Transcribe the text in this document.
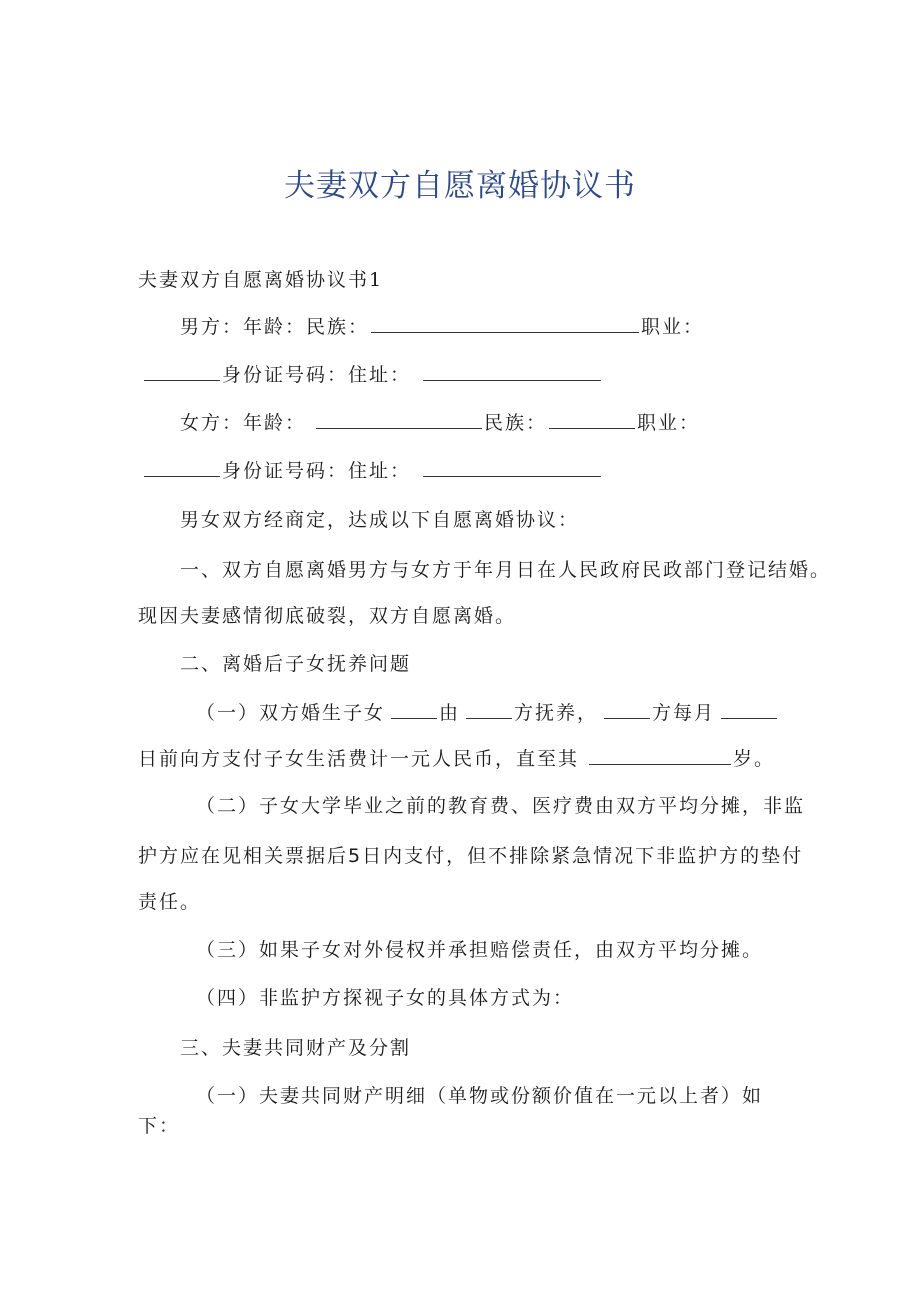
夫妻双方自愿离婚协议书
夫妻双方自愿离婚协议书1
男方：年龄：民族：	职业：
身份证号码：住址：
女方：年龄：	民族：	职业：
身份证号码：住址：
男女双方经商定，达成以下自愿离婚协议：
一、双方自愿离婚男方与女方于年月日在人民政府民政部门登记结婚。
现因夫妻感情彻底破裂，双方自愿离婚。
二、离婚后子女抚养问题
（一）双方婚生子女	由	方抚养，	方每月
日前向方支付子女生活费计一元人民币，直至其	岁。
（二）子女大学毕业之前的教育费、医疗费由双方平均分摊，非监
护方应在见相关票据后5日内支付，但不排除紧急情况下非监护方的垫付
责任。
（三）如果子女对外侵权并承担赔偿责任，由双方平均分摊。
（四）非监护方探视子女的具体方式为：
三、夫妻共同财产及分割
（一）夫妻共同财产明细（单物或份额价值在一元以上者）如
下：
